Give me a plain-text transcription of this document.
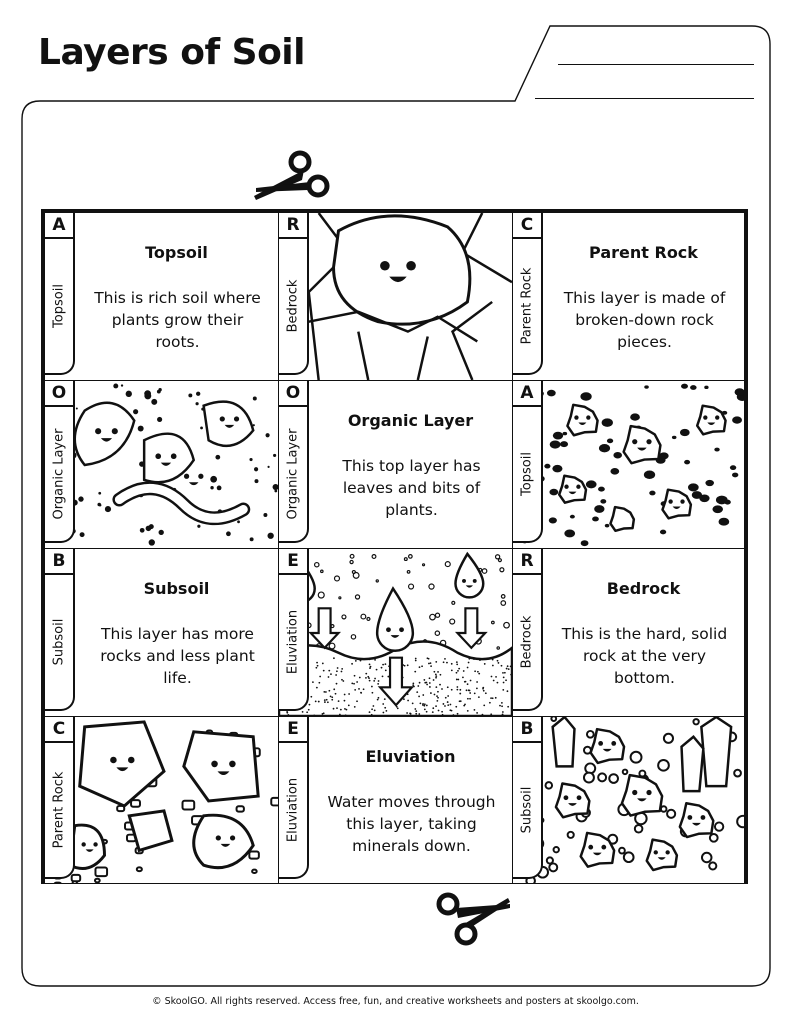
Layers of Soil
A
Topsoil
Topsoil
This is rich soil where
plants grow their
roots.
R
Bedrock
C
Parent Rock
Parent Rock
This layer is made of
broken-down rock
pieces.
O
Organic Layer
O
Organic Layer
Organic Layer
This top layer has
leaves and bits of
plants.
A
Topsoil
B
Subsoil
Subsoil
This layer has more
rocks and less plant
life.
E
Eluviation
R
Bedrock
Bedrock
This is the hard, solid
rock at the very
bottom.
C
Parent Rock
E
Eluviation
Eluviation
Water moves through
this layer, taking
minerals down.
B
Subsoil
© SkoolGO. All rights reserved. Access free, fun, and creative worksheets and posters at skoolgo.com.
